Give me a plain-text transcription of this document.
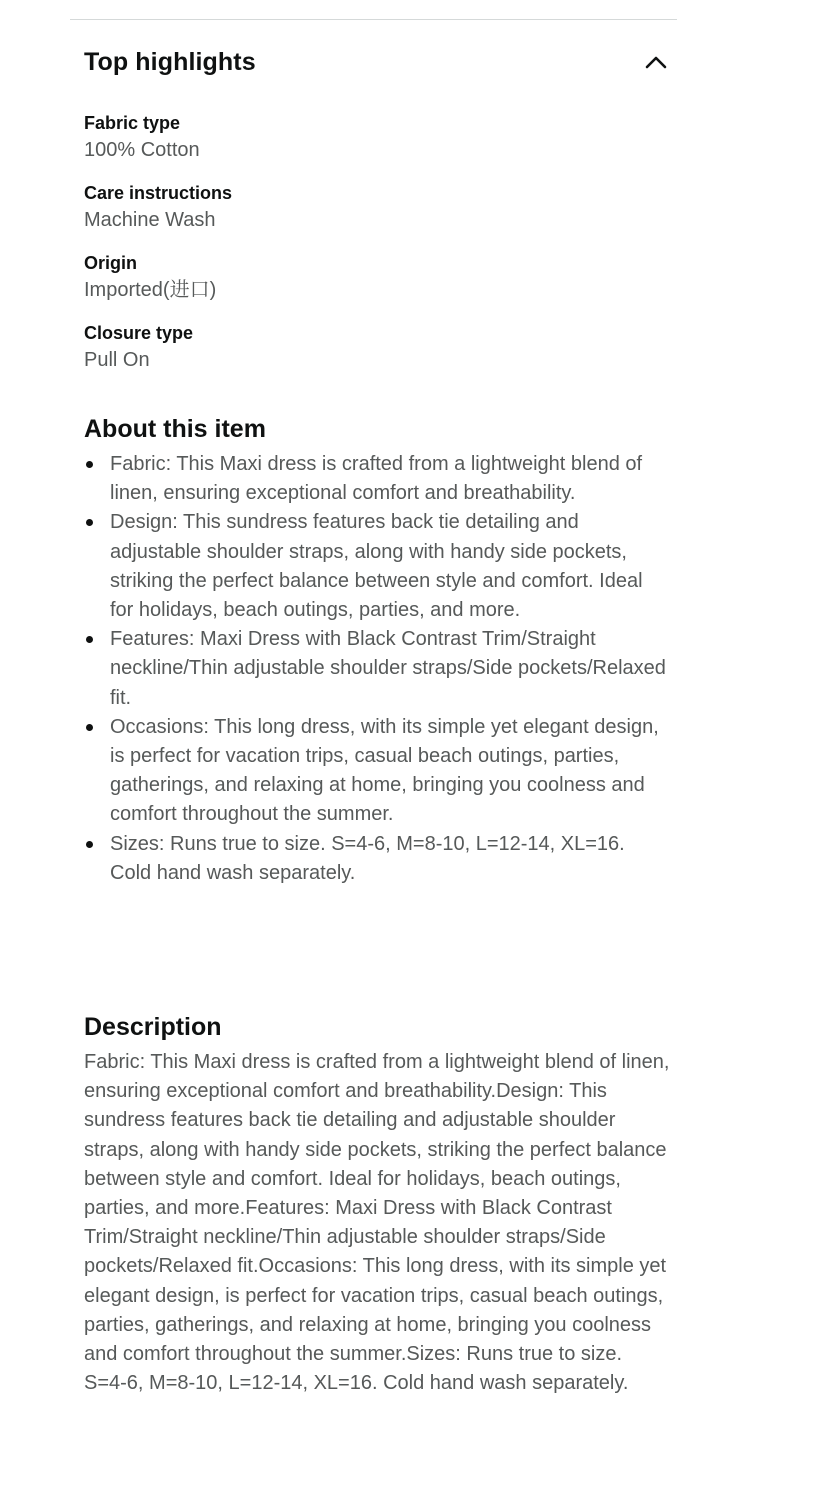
Top highlights
Fabric type
100% Cotton
Care instructions
Machine Wash
Origin
Imported(进口)
Closure type
Pull On
About this item
Fabric: This Maxi dress is crafted from a lightweight blend of linen, ensuring exceptional comfort and breathability.
Design: This sundress features back tie detailing and adjustable shoulder straps, along with handy side pockets, striking the perfect balance between style and comfort. Ideal for holidays, beach outings, parties, and more.
Features: Maxi Dress with Black Contrast Trim/Straight neckline/Thin adjustable shoulder straps/Side pockets/Relaxed fit.
Occasions: This long dress, with its simple yet elegant design, is perfect for vacation trips, casual beach outings, parties, gatherings, and relaxing at home, bringing you coolness and comfort throughout the summer.
Sizes: Runs true to size. S=4-6, M=8-10, L=12-14, XL=16. Cold hand wash separately.
Description
Fabric: This Maxi dress is crafted from a lightweight blend of linen, ensuring exceptional comfort and breathability.Design: This sundress features back tie detailing and adjustable shoulder straps, along with handy side pockets, striking the perfect balance between style and comfort. Ideal for holidays, beach outings, parties, and more.Features: Maxi Dress with Black Contrast Trim/Straight neckline/Thin adjustable shoulder straps/Side pockets/Relaxed fit.Occasions: This long dress, with its simple yet elegant design, is perfect for vacation trips, casual beach outings, parties, gatherings, and relaxing at home, bringing you coolness and comfort throughout the summer.Sizes: Runs true to size. S=4-6, M=8-10, L=12-14, XL=16. Cold hand wash separately.
